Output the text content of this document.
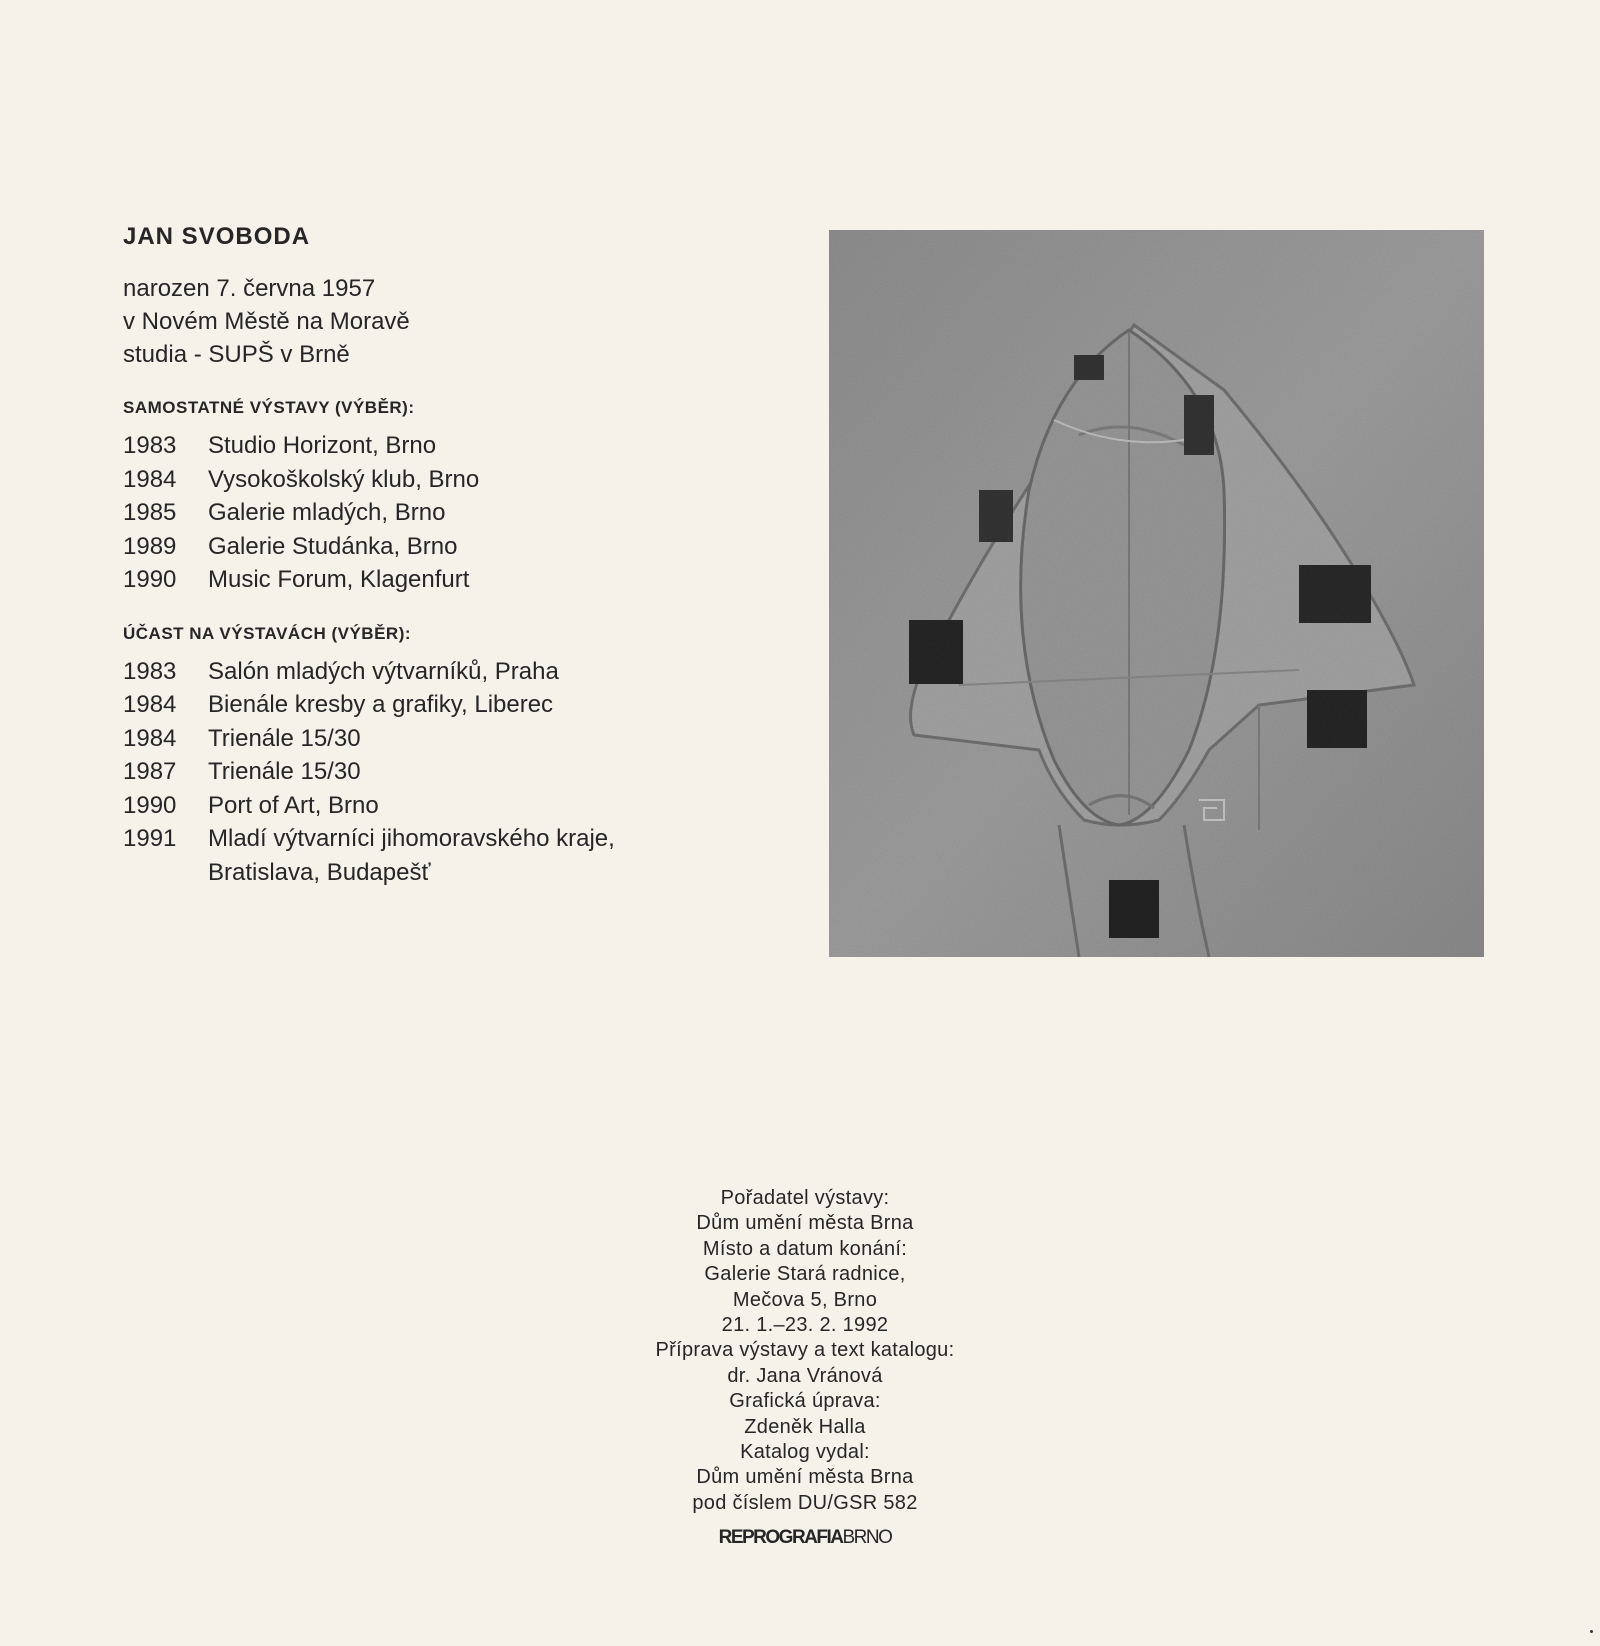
JAN SVOBODA
narozen 7. června 1957
v Novém Městě na Moravě
studia - SUPŠ v Brně
SAMOSTATNÉ VÝSTAVY (VÝBĚR):
1983	Studio Horizont, Brno
1984	Vysokoškolský klub, Brno
1985	Galerie mladých, Brno
1989	Galerie Studánka, Brno
1990	Music Forum, Klagenfurt
ÚČAST NA VÝSTAVÁCH (VÝBĚR):
1983	Salón mladých výtvarníků, Praha
1984	Bienále kresby a grafiky, Liberec
1984	Trienále 15/30
1987	Trienále 15/30
1990	Port of Art, Brno
1991	Mladí výtvarníci jihomoravského kraje,
Bratislava, Budapešť
Pořadatel výstavy:
Dům umění města Brna
Místo a datum konání:
Galerie Stará radnice,
Mečova 5, Brno
21. 1.–23. 2. 1992
Příprava výstavy a text katalogu:
dr. Jana Vránová
Grafická úprava:
Zdeněk Halla
Katalog vydal:
Dům umění města Brna
pod číslem DU/GSR 582
REPROGRAFIABRNO
